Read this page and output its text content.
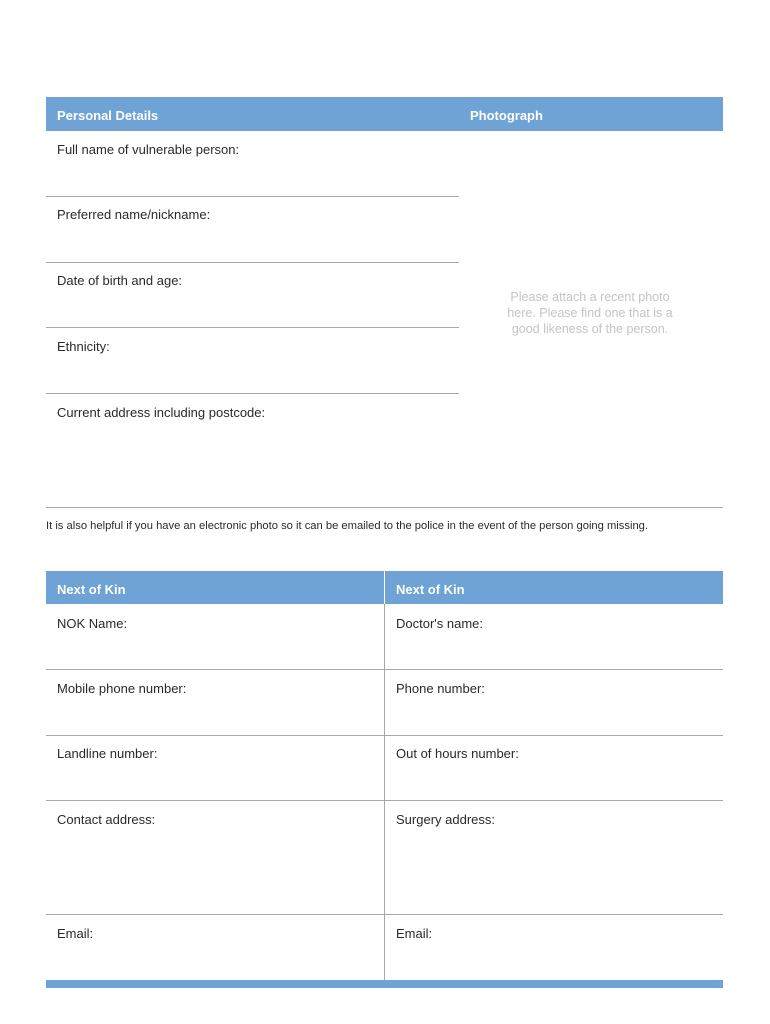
Personal Details	Photograph
Full name of vulnerable person:
Preferred name/nickname:
Date of birth and age:
Ethnicity:
Current address including postcode:
Please attach a recent photo here. Please find one that is a good likeness of the person.
It is also helpful if you have an electronic photo so it can be emailed to the police in the event of the person going missing.
Next of Kin	Next of Kin
NOK Name:
Mobile phone number:
Landline number:
Contact address:
Email:
Doctor's name:
Phone number:
Out of hours number:
Surgery address:
Email:
